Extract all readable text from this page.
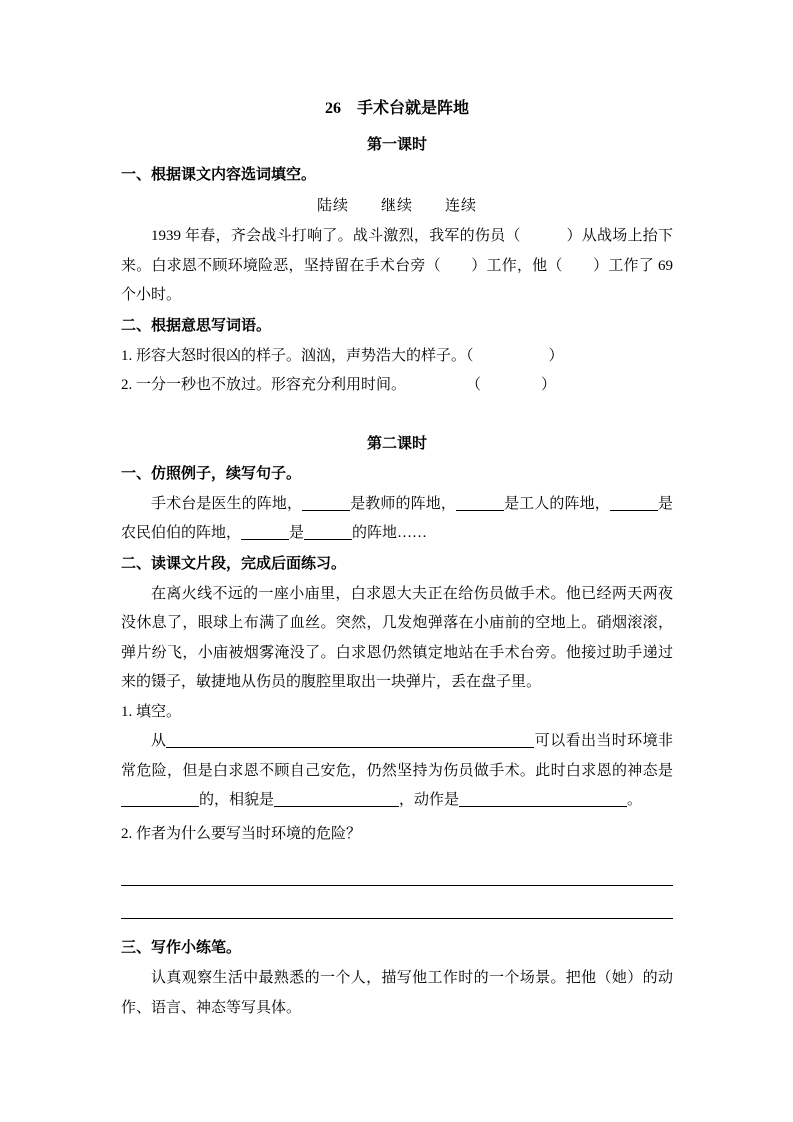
26　手术台就是阵地
第一课时
一、根据课文内容选词填空。
陆续　　继续　　连续

1939 年春，齐会战斗打响了。战斗激烈，我军的伤员（　　　）从战场上抬下来。白求恩不顾环境险恶，坚持留在手术台旁（　　）工作，他（　　）工作了 69 个小时。

二、根据意思写词语。

1. 形容大怒时很凶的样子。汹汹，声势浩大的样子。（　　　　　）

2. 一分一秒也不放过。形容充分利用时间。　　　　　（　　　　）

第二课时
一、仿照例子，续写句子。

手术台是医生的阵地，	是教师的阵地，	是工人的阵地，	是农民伯伯的阵地，	是	的阵地……

二、读课文片段，完成后面练习。

在离火线不远的一座小庙里，白求恩大夫正在给伤员做手术。他已经两天两夜没休息了，眼球上布满了血丝。突然，几发炮弹落在小庙前的空地上。硝烟滚滚，弹片纷飞，小庙被烟雾淹没了。白求恩仍然镇定地站在手术台旁。他接过助手递过来的镊子，敏捷地从伤员的腹腔里取出一块弹片，丢在盘子里。

1. 填空。

从	可以看出当时环境非常危险，但是白求恩不顾自己安危，仍然坚持为伤员做手术。此时白求恩的神态是的，相貌是	，动作是	。

2. 作者为什么要写当时环境的危险？

三、写作小练笔。

认真观察生活中最熟悉的一个人，描写他工作时的一个场景。把他（她）的动作、语言、神态等写具体。
